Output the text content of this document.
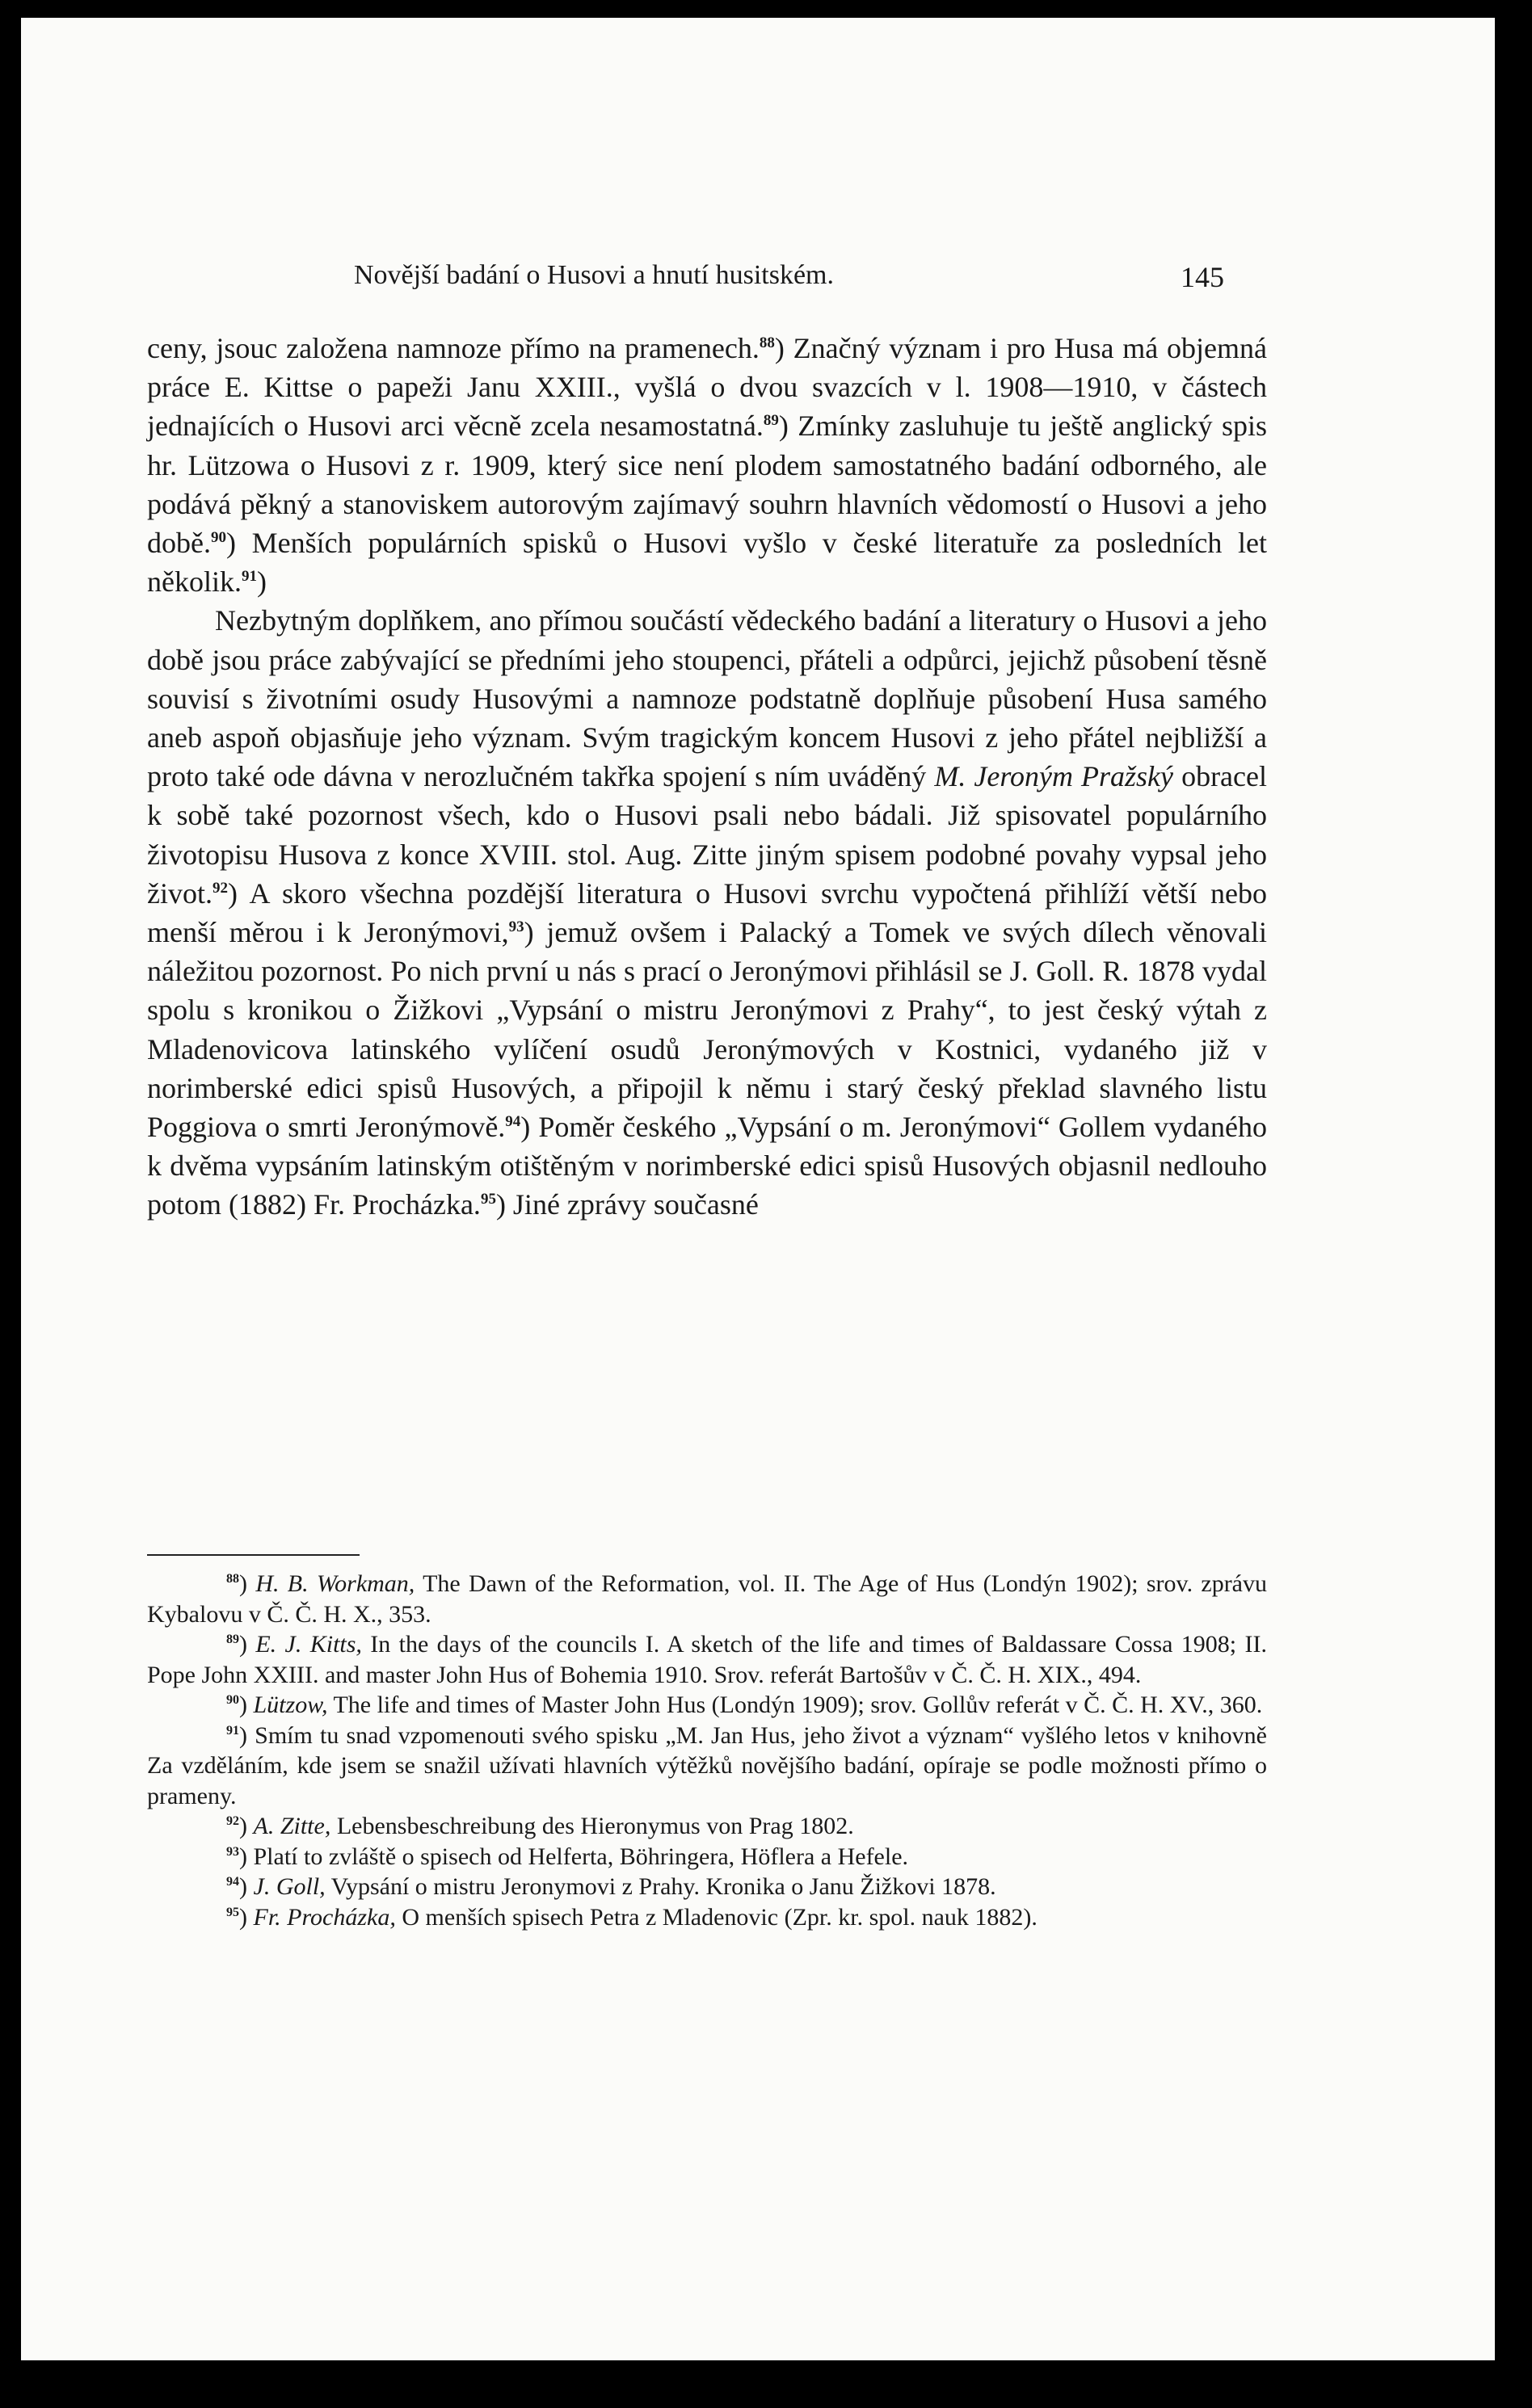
Novější badání o Husovi a hnutí husitském.	145

ceny, jsouc založena namnoze přímo na pramenech.$^{88}$) Značný význam i pro Husa má objemná práce E. Kittse o papeži Janu XXIII., vyšlá o dvou svazcích v l. 1908—1910, v částech jednajících o Husovi arci věcně zcela nesamostatná.$^{89}$) Zmínky zasluhuje tu ještě anglický spis hr. Lützowa o Husovi z r. 1909, který sice není plodem samostatného badání odborného, ale podává pěkný a stanoviskem autorovým zajímavý souhrn hlavních vědomostí o Husovi a jeho době.$^{90}$) Menších populárních spisků o Husovi vyšlo v české literatuře za posledních let několik.$^{91}$)

Nezbytným doplňkem, ano přímou součástí vědeckého badání a literatury o Husovi a jeho době jsou práce zabývající se předními jeho stoupenci, přáteli a odpůrci, jejichž působení těsně souvisí s životními osudy Husovými a namnoze podstatně doplňuje působení Husa samého aneb aspoň objasňuje jeho význam. Svým tragickým koncem Husovi z jeho přátel nejbližší a proto také ode dávna v nerozlučném takřka spojení s ním uváděný M. Jeroným Pražský obracel k sobě také pozornost všech, kdo o Husovi psali nebo bádali. Již spisovatel populárního životopisu Husova z konce XVIII. stol. Aug. Zitte jiným spisem podobné povahy vypsal jeho život.$^{92}$) A skoro všechna pozdější literatura o Husovi svrchu vypočtená přihlíží větší nebo menší měrou i k Jeronýmovi,$^{93}$) jemuž ovšem i Palacký a Tomek ve svých dílech věnovali náležitou pozornost. Po nich první u nás s prací o Jeronýmovi přihlásil se J. Goll. R. 1878 vydal spolu s kronikou o Žižkovi „Vypsání o mistru Jeronýmovi z Prahy“, to jest český výtah z Mladenovicova latinského vylíčení osudů Jeronýmových v Kostnici, vydaného již v norimberské edici spisů Husových, a připojil k němu i starý český překlad slavného listu Poggiova o smrti Jeronýmově.$^{94}$) Poměr českého „Vypsání o m. Jeronýmovi“ Gollem vydaného k dvěma vypsáním latinským otištěným v norimberské edici spisů Husových objasnil nedlouho potom (1882) Fr. Procházka.$^{95}$) Jiné zprávy současné

$^{88}$) H. B. Workman, The Dawn of the Reformation, vol. II. The Age of Hus (Londýn 1902); srov. zprávu Kybalovu v Č. Č. H. X., 353.

$^{89}$) E. J. Kitts, In the days of the councils I. A sketch of the life and times of Baldassare Cossa 1908; II. Pope John XXIII. and master John Hus of Bohemia 1910. Srov. referát Bartošův v Č. Č. H. XIX., 494.

$^{90}$) Lützow, The life and times of Master John Hus (Londýn 1909); srov. Gollův referát v Č. Č. H. XV., 360.

$^{91}$) Smím tu snad vzpomenouti svého spisku „M. Jan Hus, jeho život a význam“ vyšlého letos v knihovně Za vzděláním, kde jsem se snažil užívati hlavních výtěžků novějšího badání, opíraje se podle možnosti přímo o prameny.

$^{92}$) A. Zitte, Lebensbeschreibung des Hieronymus von Prag 1802.

$^{93}$) Platí to zvláště o spisech od Helferta, Böhringera, Höflera a Hefele.

$^{94}$) J. Goll, Vypsání o mistru Jeronymovi z Prahy. Kronika o Janu Žižkovi 1878.

$^{95}$) Fr. Procházka, O menších spisech Petra z Mladenovic (Zpr. kr. spol. nauk 1882).
